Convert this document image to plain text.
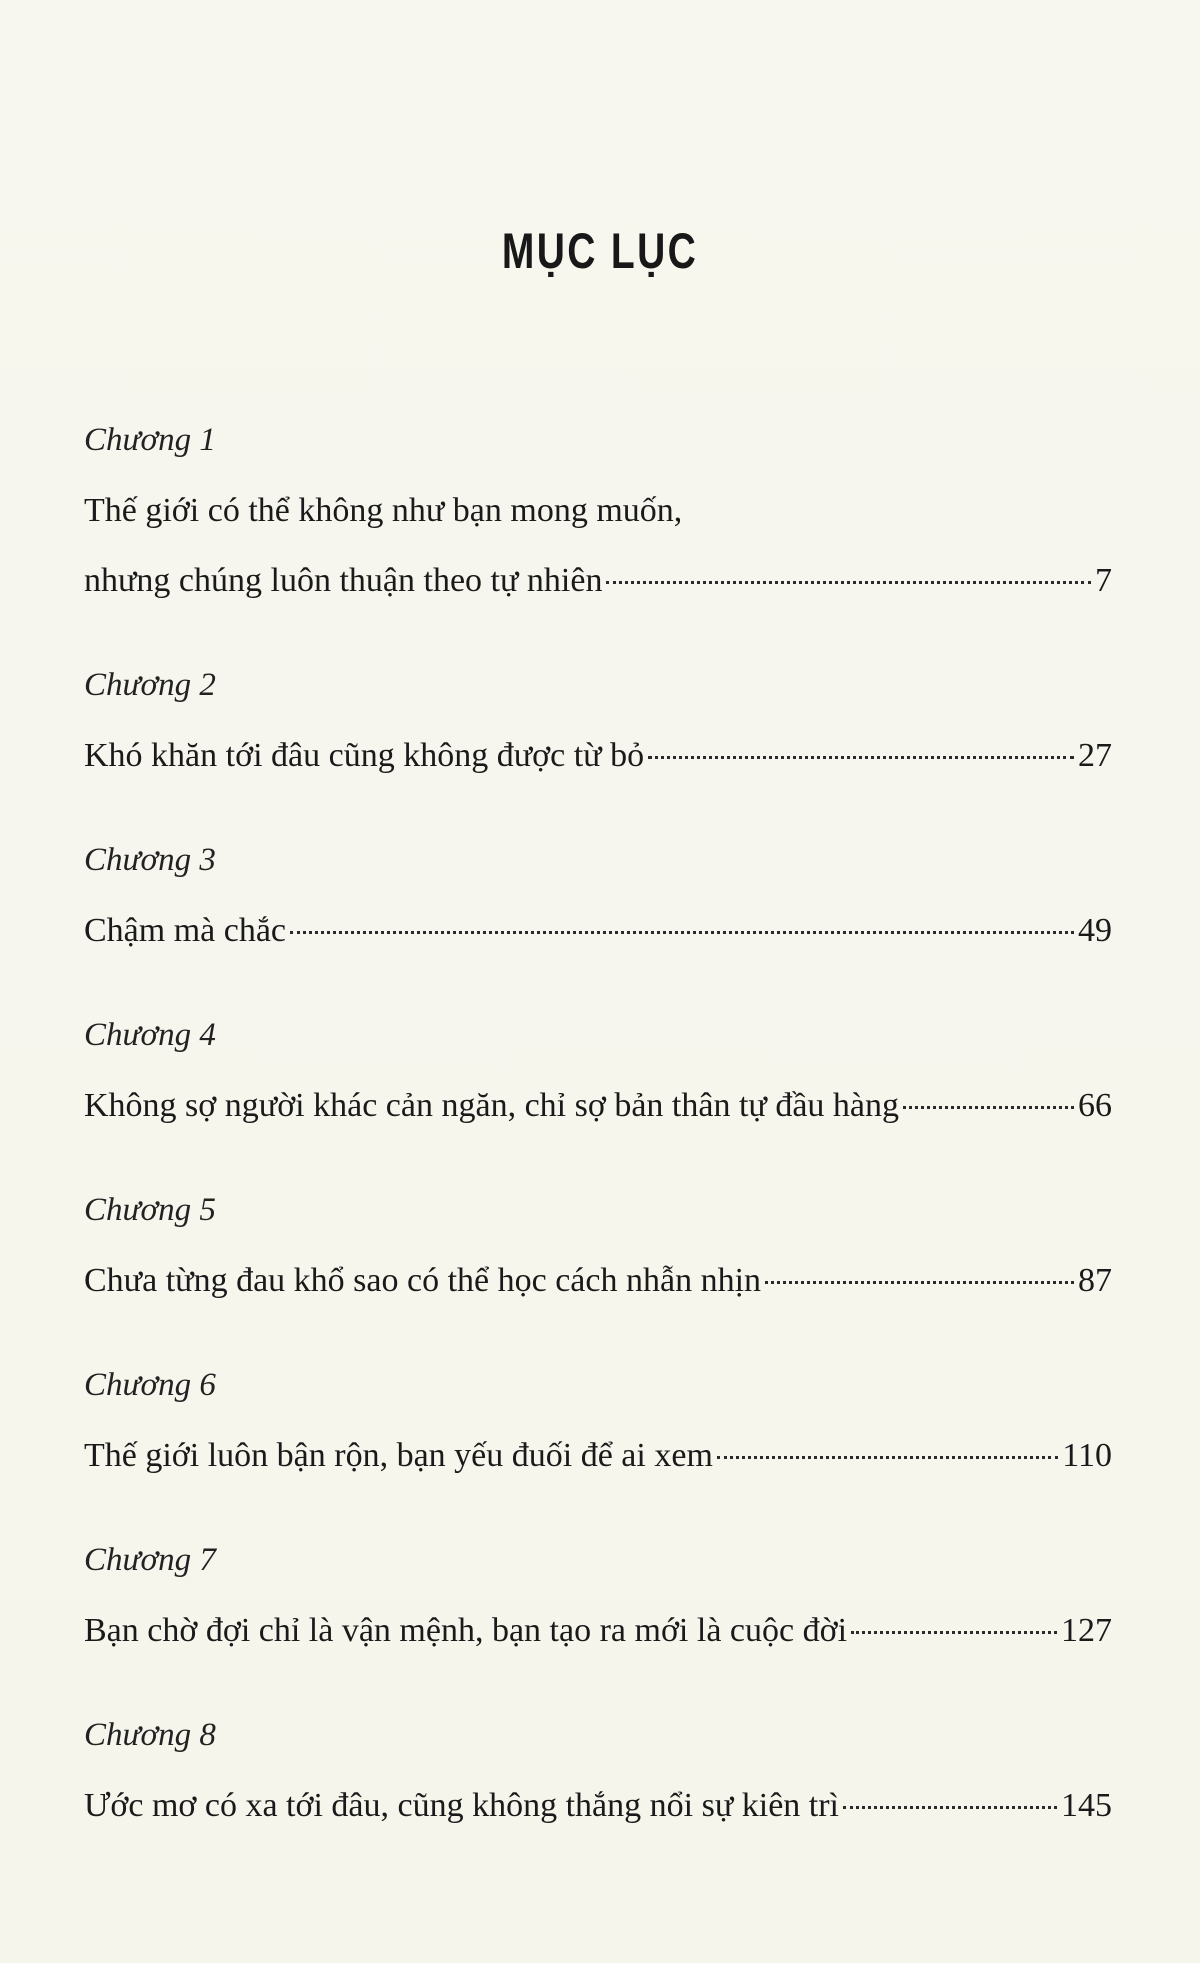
MỤC LỤC
Chương 1
Thế giới có thể không như bạn mong muốn,
nhưng chúng luôn thuận theo tự nhiên	7
Chương 2
Khó khăn tới đâu cũng không được từ bỏ	27
Chương 3
Chậm mà chắc	49
Chương 4
Không sợ người khác cản ngăn, chỉ sợ bản thân tự đầu hàng	66
Chương 5
Chưa từng đau khổ sao có thể học cách nhẫn nhịn	87
Chương 6
Thế giới luôn bận rộn, bạn yếu đuối để ai xem	110
Chương 7
Bạn chờ đợi chỉ là vận mệnh, bạn tạo ra mới là cuộc đời	127
Chương 8
Ước mơ có xa tới đâu, cũng không thắng nổi sự kiên trì	145
